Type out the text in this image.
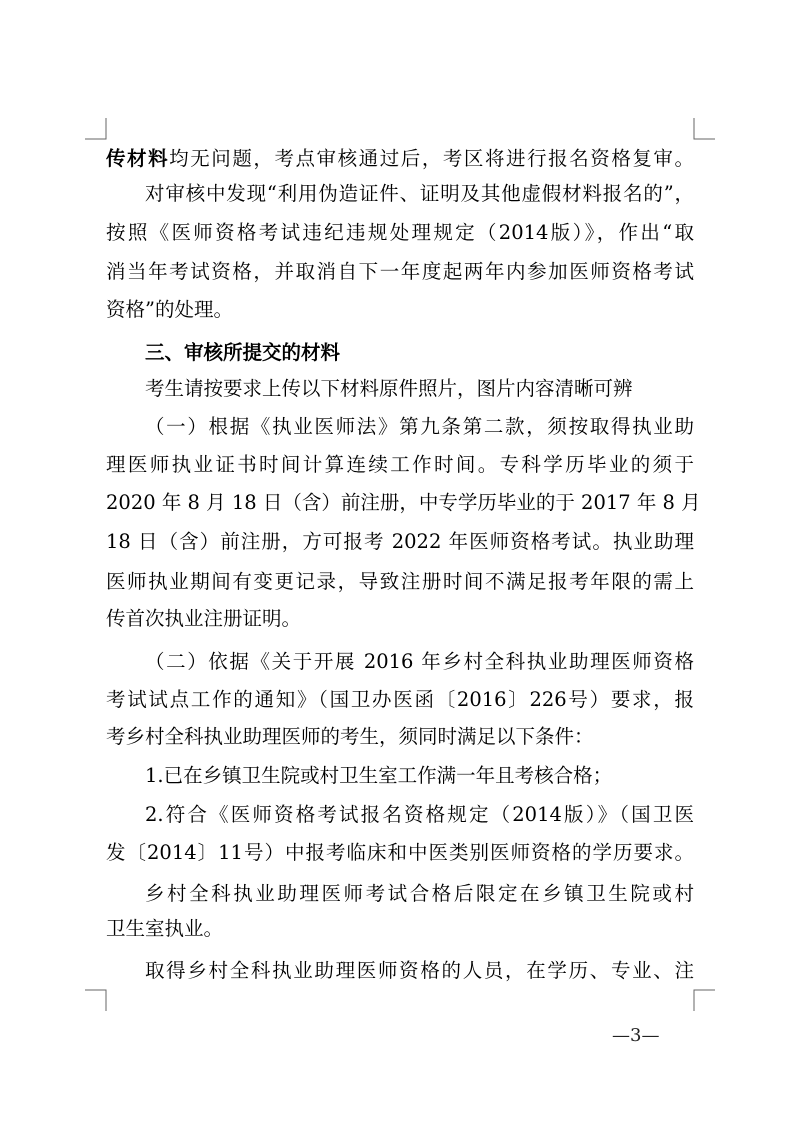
传材料均无问题，考点审核通过后，考区将进行报名资格复审。
对审核中发现“利用伪造证件、证明及其他虚假材料报名的”，
按照《医师资格考试违纪违规处理规定（2014版）》，作出“取
消当年考试资格，并取消自下一年度起两年内参加医师资格考试
资格”的处理。
三、审核所提交的材料
考生请按要求上传以下材料原件照片，图片内容清晰可辨
（一）根据《执业医师法》第九条第二款，须按取得执业助
理医师执业证书时间计算连续工作时间。专科学历毕业的须于
2020 年 8 月 18 日（含）前注册，中专学历毕业的于 2017 年 8 月
18 日（含）前注册，方可报考 2022 年医师资格考试。执业助理
医师执业期间有变更记录，导致注册时间不满足报考年限的需上
传首次执业注册证明。
（二）依据《关于开展 2016 年乡村全科执业助理医师资格
考试试点工作的通知》（国卫办医函〔2016〕226号）要求，报
考乡村全科执业助理医师的考生，须同时满足以下条件：
1.已在乡镇卫生院或村卫生室工作满一年且考核合格；
2.符合《医师资格考试报名资格规定（2014版）》（国卫医
发〔2014〕11号）中报考临床和中医类别医师资格的学历要求。
乡村全科执业助理医师考试合格后限定在乡镇卫生院或村
卫生室执业。
取得乡村全科执业助理医师资格的人员，在学历、专业、注
—3—
